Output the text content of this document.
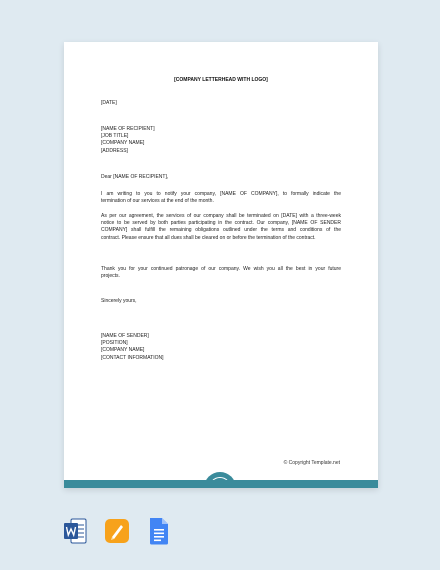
[COMPANY LETTERHEAD WITH LOGO]
[DATE]
[NAME OF RECIPIENT]
[JOB TITLE]
[COMPANY NAME]
[ADDRESS]
Dear [NAME OF RECIPIENT],
I am writing to you to notify your company, [NAME OF COMPANY], to formally indicate the
termination of our services at the end of the month.
As per our agreement, the services of our company shall be terminated on [DATE] with a three-week
notice to be served by both parties participating in the contract. Our company, [NAME OF SENDER
COMPANY] shall fulfill the remaining obligations outlined under the terms and conditions of the
contract. Please ensure that all dues shall be cleared on or before the termination of the contract.
Thank you for your continued patronage of our company. We wish you all the best in your future
projects.
Sincerely yours,
[NAME OF SENDER]
[POSITION]
[COMPANY NAME]
[CONTACT INFORMATION]
© Copyright Template.net
